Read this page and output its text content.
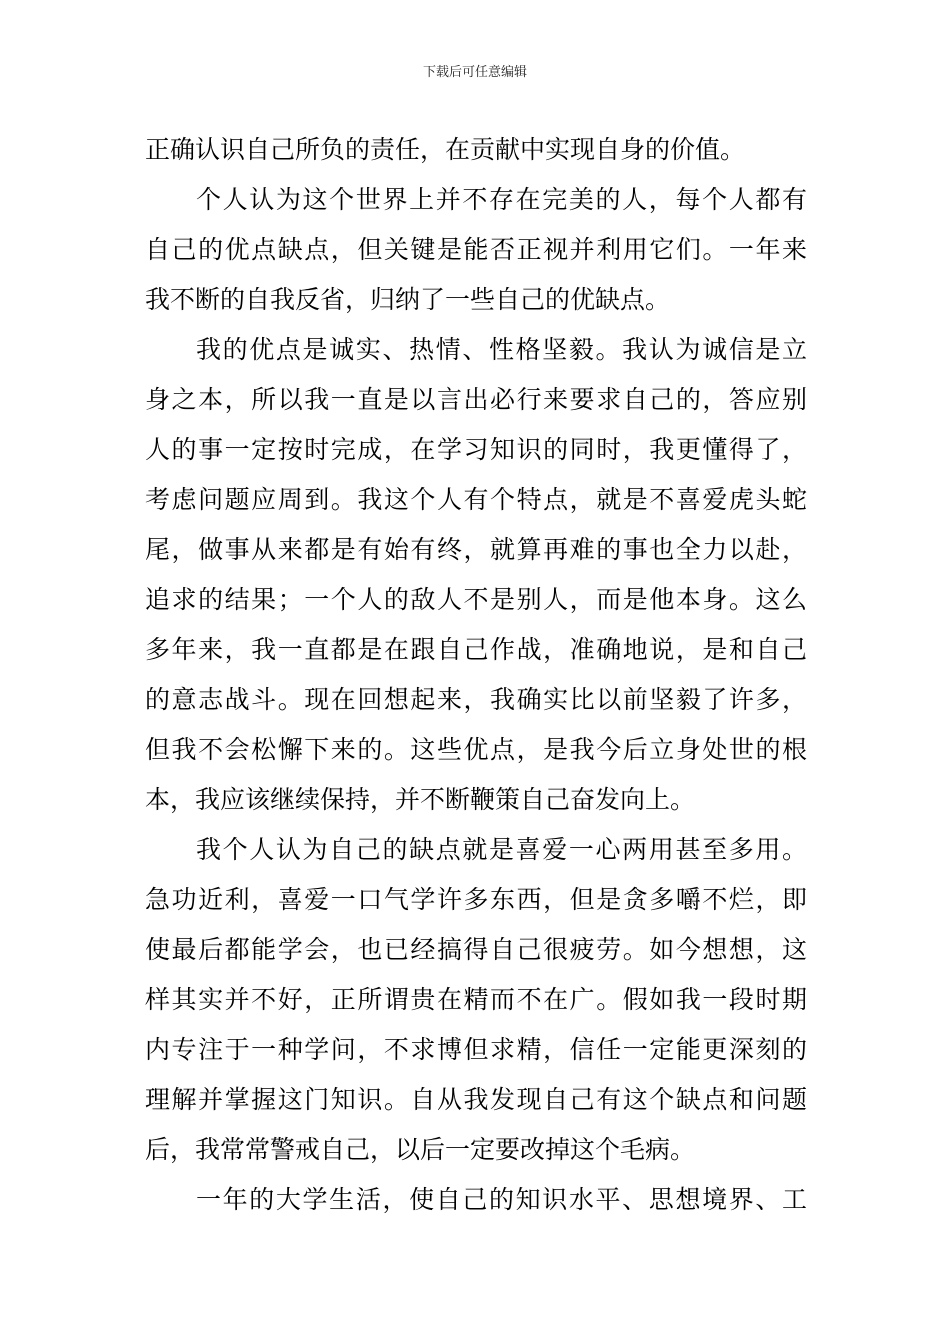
下载后可任意编辑
正确认识自己所负的责任，在贡献中实现自身的价值。
个人认为这个世界上并不存在完美的人，每个人都有
自己的优点缺点，但关键是能否正视并利用它们。一年来
我不断的自我反省，归纳了一些自己的优缺点。
我的优点是诚实、热情、性格坚毅。我认为诚信是立
身之本，所以我一直是以言出必行来要求自己的，答应别
人的事一定按时完成，在学习知识的同时，我更懂得了，
考虑问题应周到。我这个人有个特点，就是不喜爱虎头蛇
尾，做事从来都是有始有终，就算再难的事也全力以赴，
追求的结果；一个人的敌人不是别人，而是他本身。这么
多年来，我一直都是在跟自己作战，准确地说，是和自己
的意志战斗。现在回想起来，我确实比以前坚毅了许多，
但我不会松懈下来的。这些优点，是我今后立身处世的根
本，我应该继续保持，并不断鞭策自己奋发向上。
我个人认为自己的缺点就是喜爱一心两用甚至多用。
急功近利，喜爱一口气学许多东西，但是贪多嚼不烂，即
使最后都能学会，也已经搞得自己很疲劳。如今想想，这
样其实并不好，正所谓贵在精而不在广。假如我一段时期
内专注于一种学问，不求博但求精，信任一定能更深刻的
理解并掌握这门知识。自从我发现自己有这个缺点和问题
后，我常常警戒自己，以后一定要改掉这个毛病。
一年的大学生活，使自己的知识水平、思想境界、工
